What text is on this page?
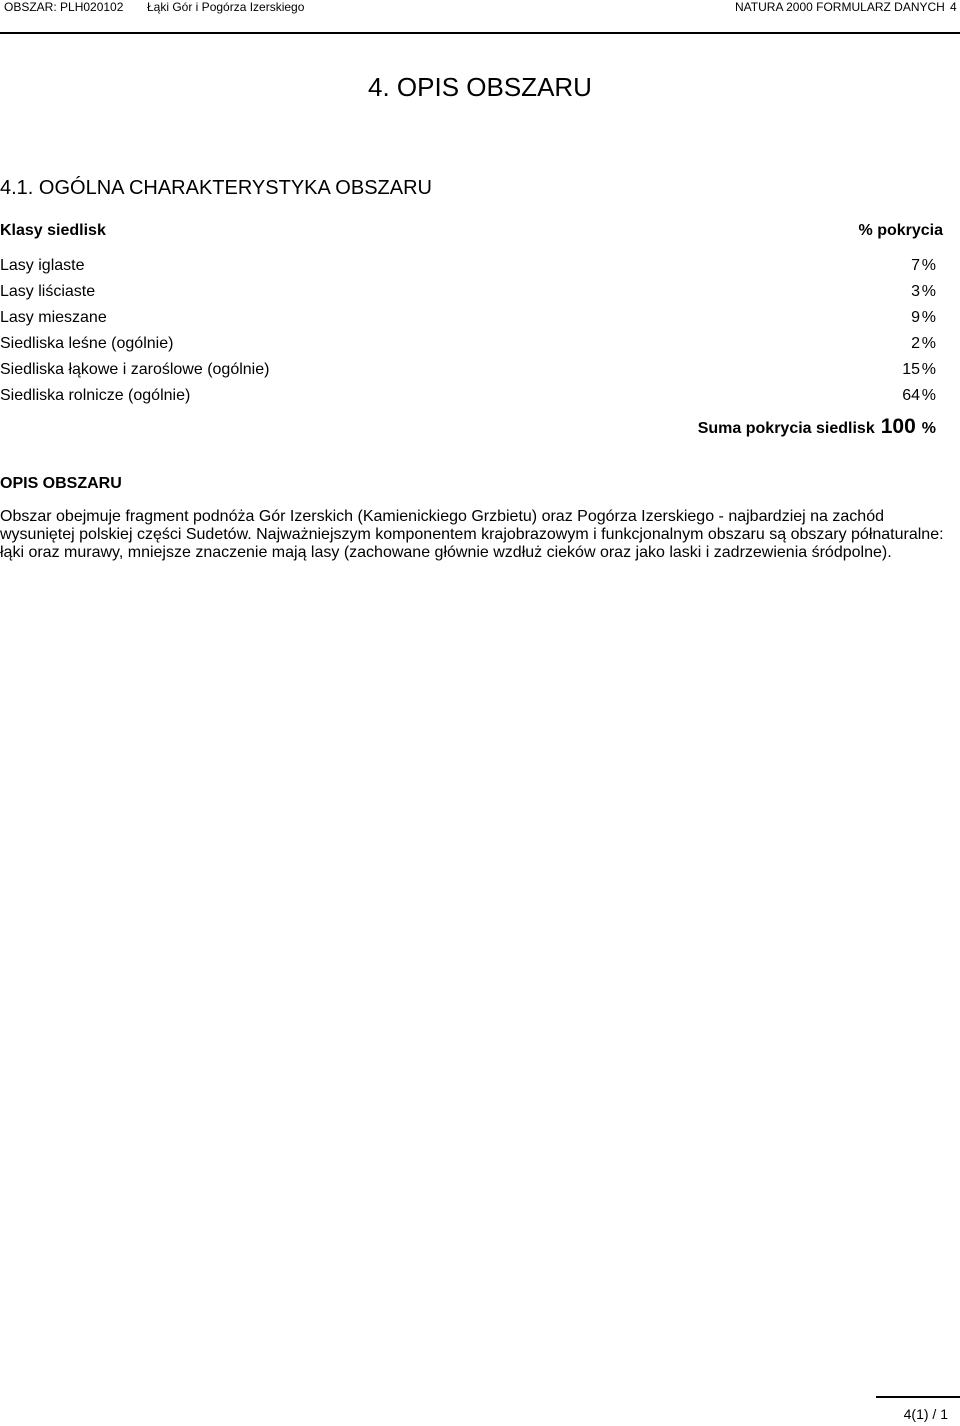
OBSZAR: PLH020102 Łąki Gór i Pogórza Izerskiego	NATURA 2000 FORMULARZ DANYCH 4
4. OPIS OBSZARU
4.1. OGÓLNA CHARAKTERYSTYKA OBSZARU
Klasy siedlisk	% pokrycia
Lasy iglaste	7 %
Lasy liściaste	3 %
Lasy mieszane	9 %
Siedliska leśne (ogólnie)	2 %
Siedliska łąkowe i zaroślowe (ogólnie)	15 %
Siedliska rolnicze (ogólnie)	64 %
Suma pokrycia siedlisk 100 %
OPIS OBSZARU

Obszar obejmuje fragment podnóża Gór Izerskich (Kamienickiego Grzbietu) oraz Pogórza Izerskiego - najbardziej na zachód wysuniętej polskiej części Sudetów. Najważniejszym komponentem krajobrazowym i funkcjonalnym obszaru są obszary półnaturalne: łąki oraz murawy, mniejsze znaczenie mają lasy (zachowane głównie wzdłuż cieków oraz jako laski i zadrzewienia śródpolne).

4(1) / 1
